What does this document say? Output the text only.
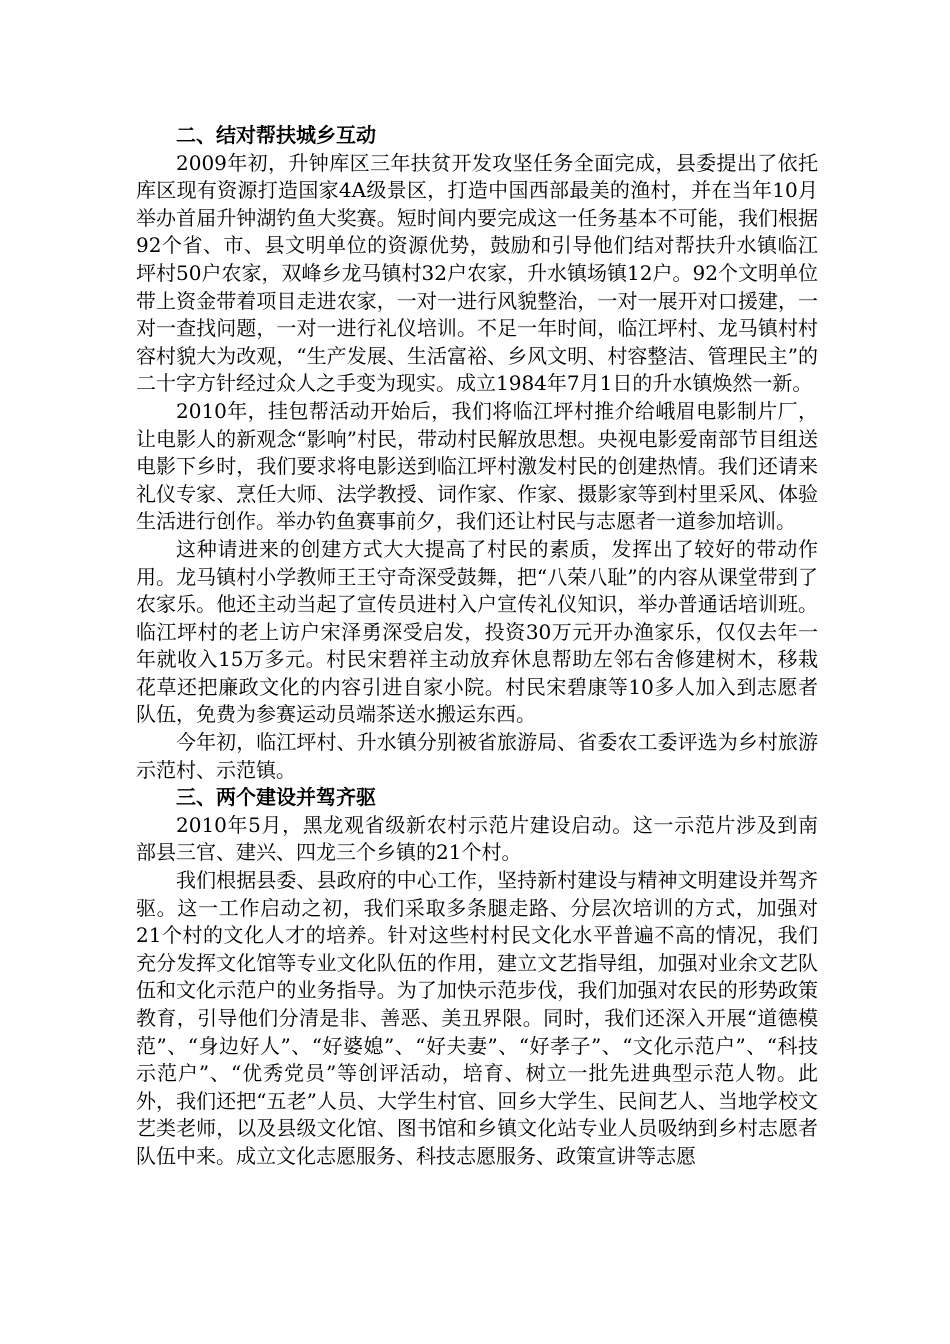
二、结对帮扶城乡互动

2009年初，升钟库区三年扶贫开发攻坚任务全面完成，县委提出了依托库区现有资源打造国家4A级景区，打造中国西部最美的渔村，并在当年10月举办首届升钟湖钓鱼大奖赛。短时间内要完成这一任务基本不可能，我们根据92个省、市、县文明单位的资源优势，鼓励和引导他们结对帮扶升水镇临江坪村50户农家，双峰乡龙马镇村32户农家，升水镇场镇12户。92个文明单位带上资金带着项目走进农家，一对一进行风貌整治，一对一展开对口援建，一对一查找问题，一对一进行礼仪培训。不足一年时间，临江坪村、龙马镇村村容村貌大为改观，“生产发展、生活富裕、乡风文明、村容整洁、管理民主”的二十字方针经过众人之手变为现实。成立1984年7月1日的升水镇焕然一新。

2010年，挂包帮活动开始后，我们将临江坪村推介给峨眉电影制片厂，让电影人的新观念“影响”村民，带动村民解放思想。央视电影爱南部节目组送电影下乡时，我们要求将电影送到临江坪村激发村民的创建热情。我们还请来礼仪专家、烹任大师、法学教授、词作家、作家、摄影家等到村里采风、体验生活进行创作。举办钓鱼赛事前夕，我们还让村民与志愿者一道参加培训。

这种请进来的创建方式大大提高了村民的素质，发挥出了较好的带动作用。龙马镇村小学教师王王守奇深受鼓舞，把“八荣八耻”的内容从课堂带到了农家乐。他还主动当起了宣传员进村入户宣传礼仪知识，举办普通话培训班。临江坪村的老上访户宋泽勇深受启发，投资30万元开办渔家乐，仅仅去年一年就收入15万多元。村民宋碧祥主动放弃休息帮助左邻右舍修建树木，移栽花草还把廉政文化的内容引进自家小院。村民宋碧康等10多人加入到志愿者队伍，免费为参赛运动员端茶送水搬运东西。

今年初，临江坪村、升水镇分别被省旅游局、省委农工委评选为乡村旅游示范村、示范镇。

三、两个建设并驾齐驱

2010年5月，黑龙观省级新农村示范片建设启动。这一示范片涉及到南部县三官、建兴、四龙三个乡镇的21个村。

我们根据县委、县政府的中心工作，坚持新村建设与精神文明建设并驾齐驱。这一工作启动之初，我们采取多条腿走路、分层次培训的方式，加强对21个村的文化人才的培养。针对这些村村民文化水平普遍不高的情况，我们充分发挥文化馆等专业文化队伍的作用，建立文艺指导组，加强对业余文艺队伍和文化示范户的业务指导。为了加快示范步伐，我们加强对农民的形势政策教育，引导他们分清是非、善恶、美丑界限。同时，我们还深入开展“道德模范”、“身边好人”、“好婆媳”、“好夫妻”、“好孝子”、“文化示范户”、“科技示范户”、“优秀党员”等创评活动，培育、树立一批先进典型示范人物。此外，我们还把“五老”人员、大学生村官、回乡大学生、民间艺人、当地学校文艺类老师，以及县级文化馆、图书馆和乡镇文化站专业人员吸纳到乡村志愿者队伍中来。成立文化志愿服务、科技志愿服务、政策宣讲等志愿
